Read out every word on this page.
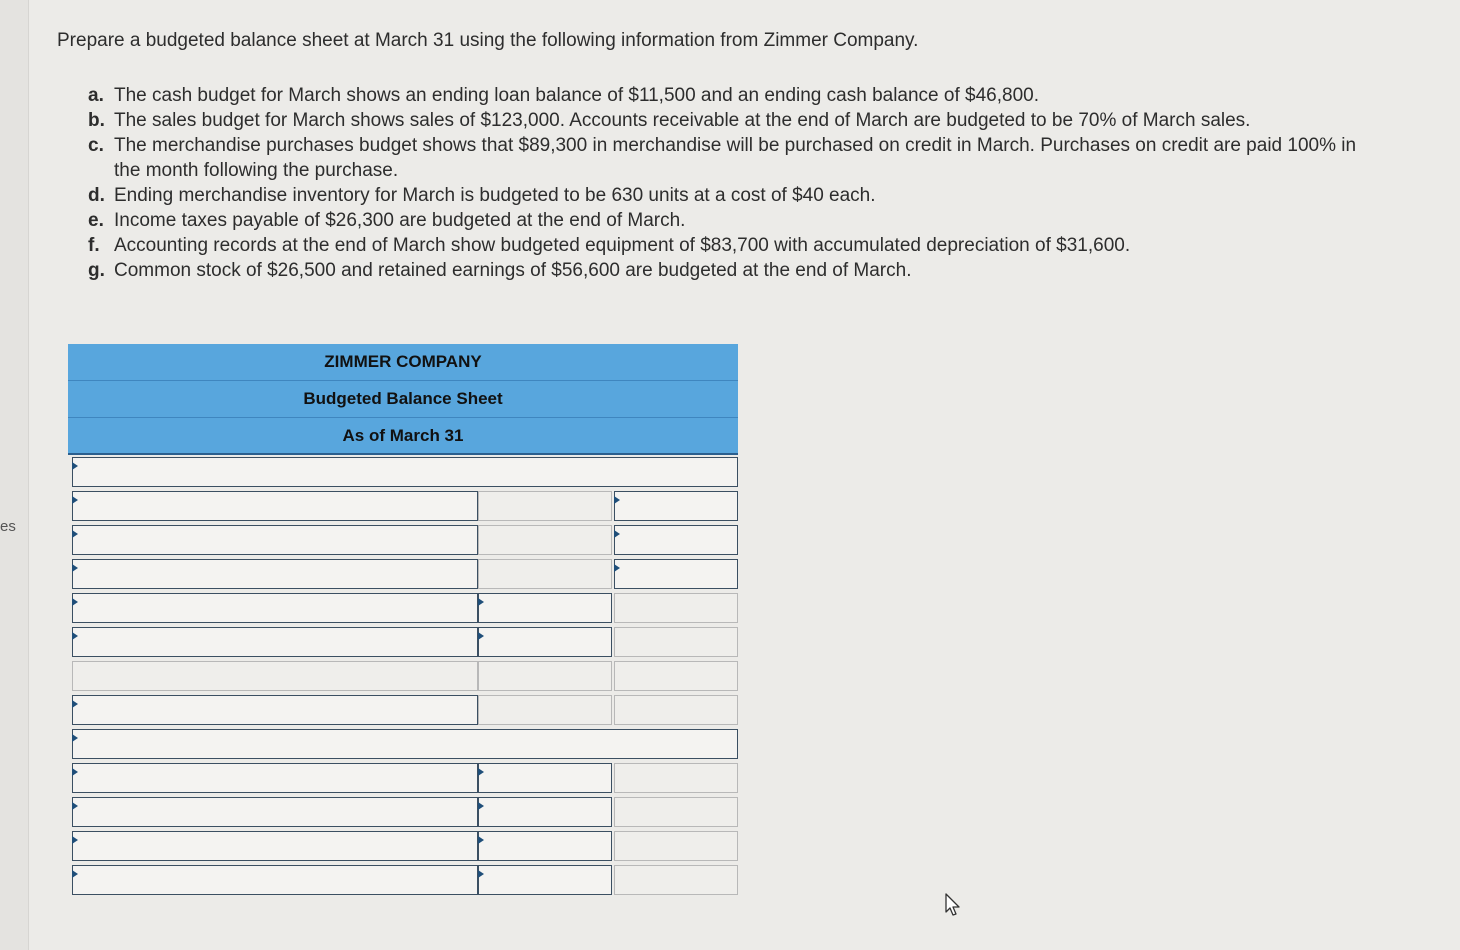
es
Prepare a budgeted balance sheet at March 31 using the following information from Zimmer Company.
a. The cash budget for March shows an ending loan balance of $11,500 and an ending cash balance of $46,800.
b. The sales budget for March shows sales of $123,000. Accounts receivable at the end of March are budgeted to be 70% of March sales.
c. The merchandise purchases budget shows that $89,300 in merchandise will be purchased on credit in March. Purchases on credit are paid 100% in the month following the purchase.
d. Ending merchandise inventory for March is budgeted to be 630 units at a cost of $40 each.
e. Income taxes payable of $26,300 are budgeted at the end of March.
f. Accounting records at the end of March show budgeted equipment of $83,700 with accumulated depreciation of $31,600.
g. Common stock of $26,500 and retained earnings of $56,600 are budgeted at the end of March.
ZIMMER COMPANY
Budgeted Balance Sheet
As of March 31
